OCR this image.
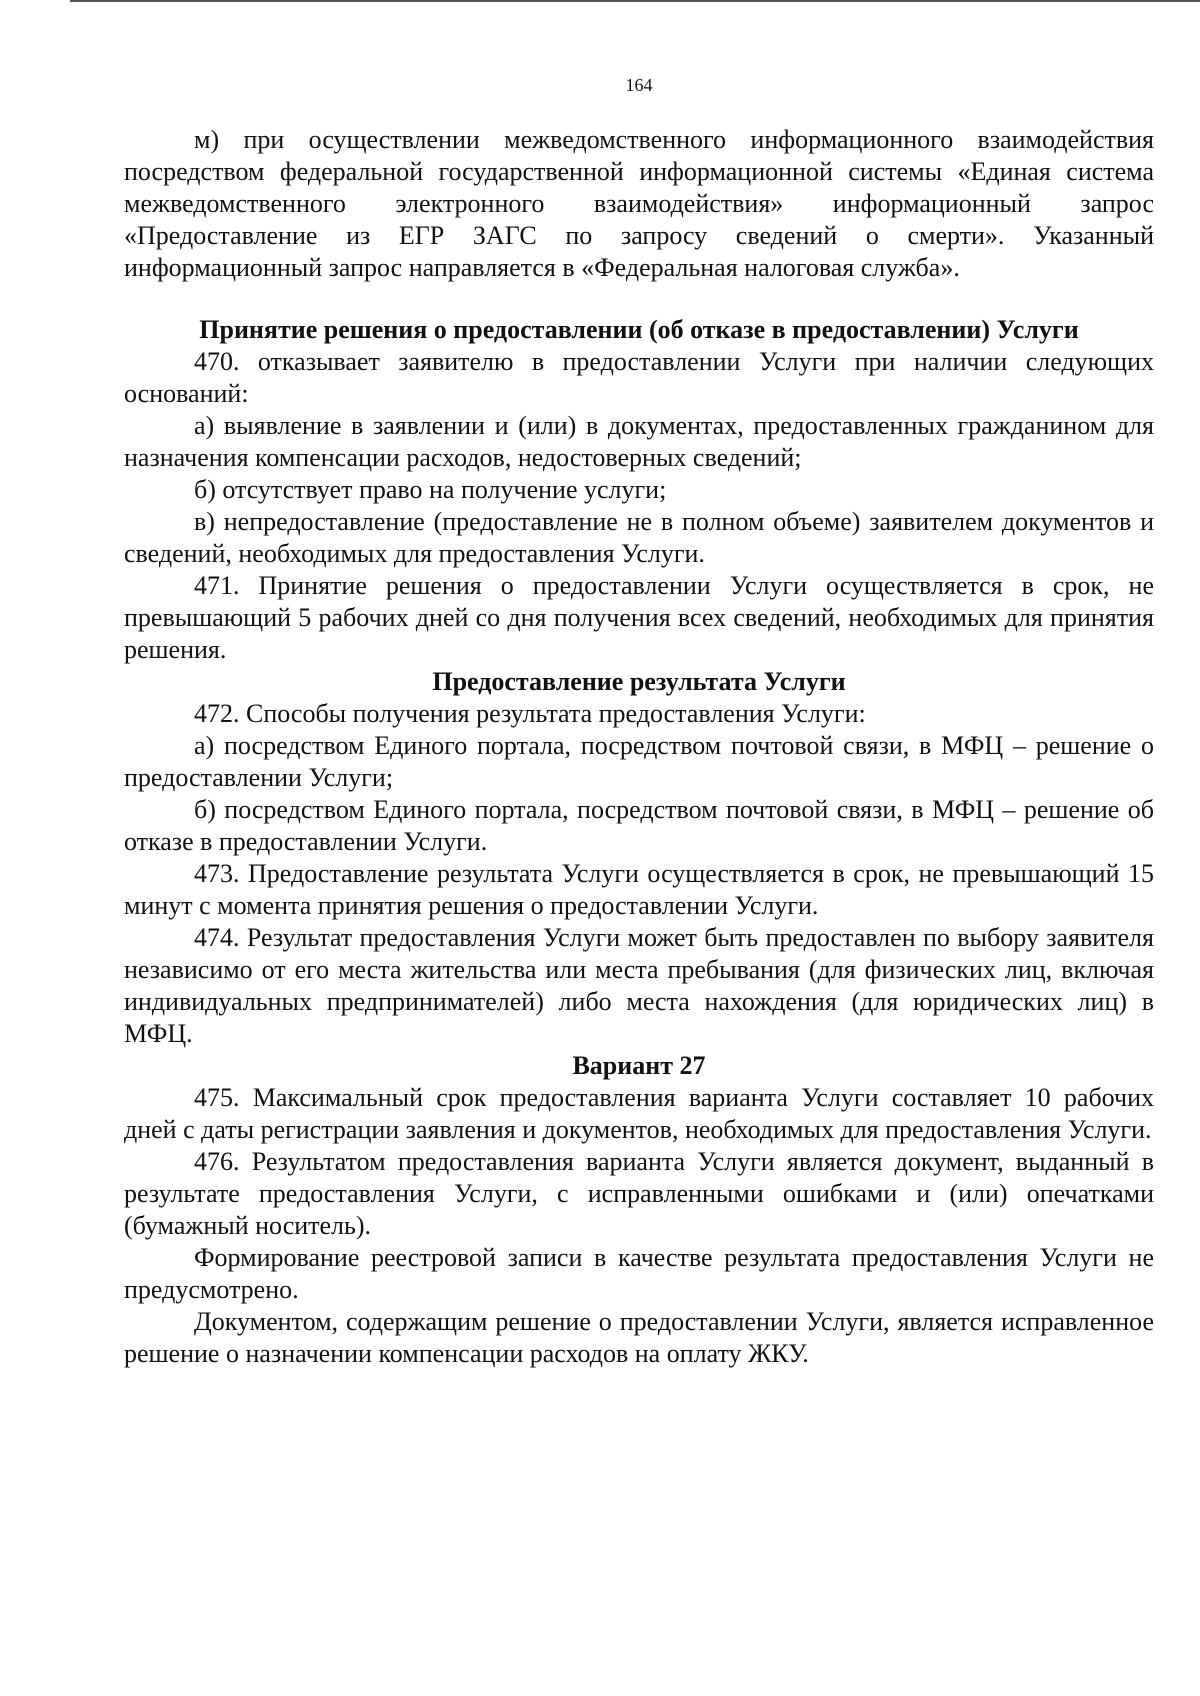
164

м) при осуществлении межведомственного информационного взаимодействия посредством федеральной государственной информационной системы «Единая система межведомственного электронного взаимодействия» информационный запрос «Предоставление из ЕГР ЗАГС по запросу сведений о смерти». Указанный информационный запрос направляется в «Федеральная налоговая служба».

Принятие решения о предоставлении (об отказе в предоставлении) Услуги

470. отказывает заявителю в предоставлении Услуги при наличии следующих оснований:

а) выявление в заявлении и (или) в документах, предоставленных гражданином для назначения компенсации расходов, недостоверных сведений;

б) отсутствует право на получение услуги;

в) непредоставление (предоставление не в полном объеме) заявителем документов и сведений, необходимых для предоставления Услуги.

471. Принятие решения о предоставлении Услуги осуществляется в срок, не превышающий 5 рабочих дней со дня получения всех сведений, необходимых для принятия решения.

Предоставление результата Услуги

472. Способы получения результата предоставления Услуги:

а) посредством Единого портала, посредством почтовой связи, в МФЦ – решение о предоставлении Услуги;

б) посредством Единого портала, посредством почтовой связи, в МФЦ – решение об отказе в предоставлении Услуги.

473. Предоставление результата Услуги осуществляется в срок, не превышающий 15 минут с момента принятия решения о предоставлении Услуги.

474. Результат предоставления Услуги может быть предоставлен по выбору заявителя независимо от его места жительства или места пребывания (для физических лиц, включая индивидуальных предпринимателей) либо места нахождения (для юридических лиц) в МФЦ.

Вариант 27

475. Максимальный срок предоставления варианта Услуги составляет 10 рабочих дней с даты регистрации заявления и документов, необходимых для предоставления Услуги.

476. Результатом предоставления варианта Услуги является документ, выданный в результате предоставления Услуги, с исправленными ошибками и (или) опечатками (бумажный носитель).

Формирование реестровой записи в качестве результата предоставления Услуги не предусмотрено.

Документом, содержащим решение о предоставлении Услуги, является исправленное решение о назначении компенсации расходов на оплату ЖКУ.
